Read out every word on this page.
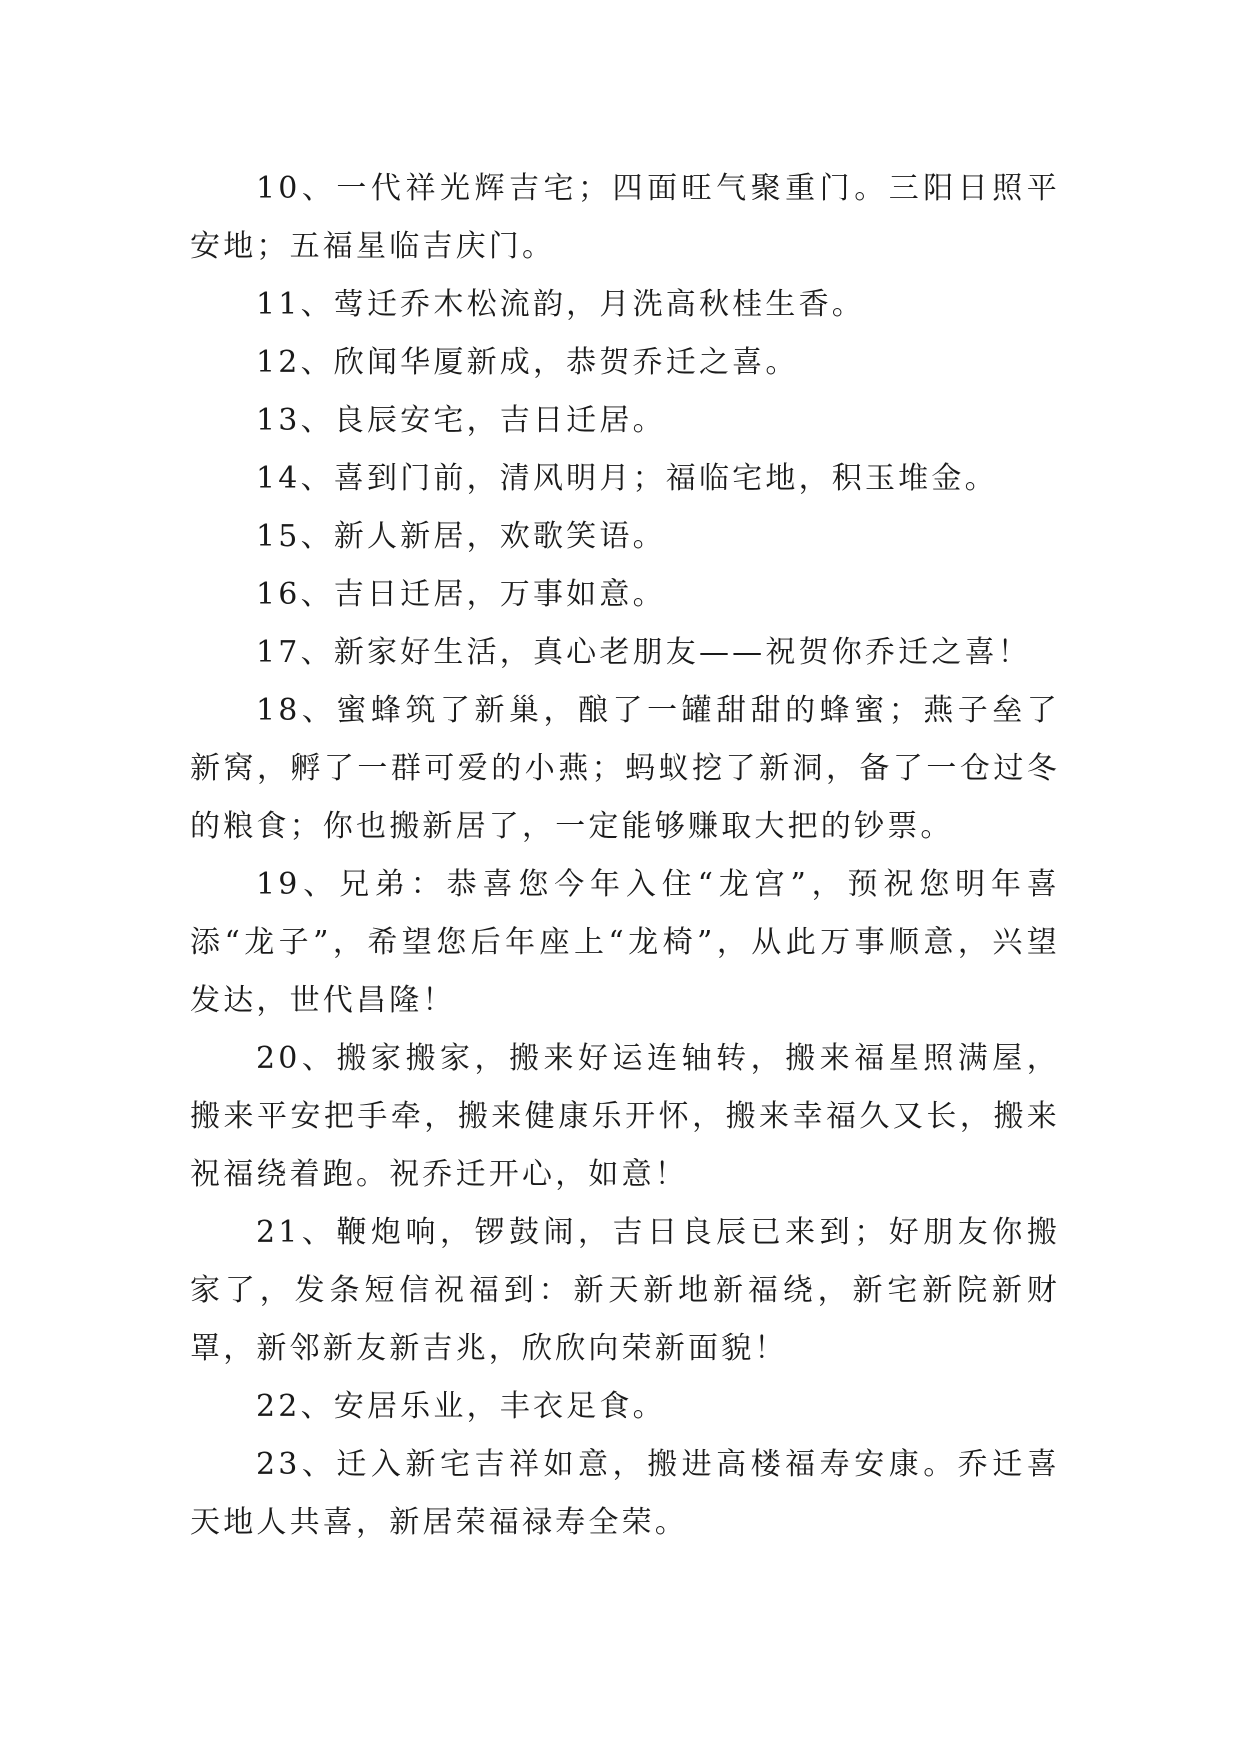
10、一代祥光辉吉宅；四面旺气聚重门。三阳日照平安地；五福星临吉庆门。

11、莺迁乔木松流韵，月洗高秋桂生香。

12、欣闻华厦新成，恭贺乔迁之喜。

13、良辰安宅，吉日迁居。

14、喜到门前，清风明月；福临宅地，积玉堆金。

15、新人新居，欢歌笑语。

16、吉日迁居，万事如意。

17、新家好生活，真心老朋友——祝贺你乔迁之喜！

18、蜜蜂筑了新巢，酿了一罐甜甜的蜂蜜；燕子垒了新窝，孵了一群可爱的小燕；蚂蚁挖了新洞，备了一仓过冬的粮食；你也搬新居了，一定能够赚取大把的钞票。

19、兄弟：恭喜您今年入住“龙宫”，预祝您明年喜添“龙子”，希望您后年座上“龙椅”，从此万事顺意，兴望发达，世代昌隆！

20、搬家搬家，搬来好运连轴转，搬来福星照满屋，搬来平安把手牵，搬来健康乐开怀，搬来幸福久又长，搬来祝福绕着跑。祝乔迁开心，如意！

21、鞭炮响，锣鼓闹，吉日良辰已来到；好朋友你搬家了，发条短信祝福到：新天新地新福绕，新宅新院新财罩，新邻新友新吉兆，欣欣向荣新面貌！

22、安居乐业，丰衣足食。

23、迁入新宅吉祥如意，搬进高楼福寿安康。乔迁喜天地人共喜，新居荣福禄寿全荣。
